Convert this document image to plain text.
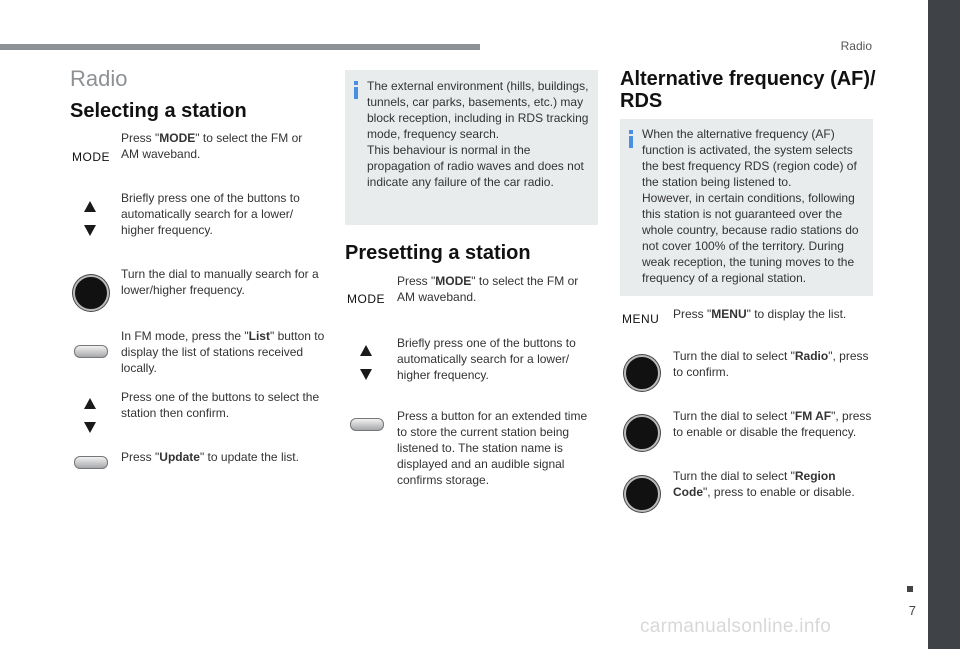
Radio
7
carmanualsonline.info
Radio
Selecting a station
MODE
Press "MODE" to select the FM or AM waveband.
Briefly press one of the buttons to automatically search for a lower/ higher frequency.
Turn the dial to manually search for a lower/higher frequency.
In FM mode, press the "List" button to display the list of stations received locally.
Press one of the buttons to select the station then confirm.
Press "Update" to update the list.
The external environment (hills, buildings, tunnels, car parks, basements, etc.) may block reception, including in RDS tracking mode, frequency search.
This behaviour is normal in the propagation of radio waves and does not indicate any failure of the car radio.
Presetting a station
MODE
Press "MODE" to select the FM or AM waveband.
Briefly press one of the buttons to automatically search for a lower/ higher frequency.
Press a button for an extended time to store the current station being listened to. The station name is displayed and an audible signal confirms storage.
Alternative frequency (AF)/
RDS
When the alternative frequency (AF) function is activated, the system selects the best frequency RDS (region code) of the station being listened to.
However, in certain conditions, following this station is not guaranteed over the whole country, because radio stations do not cover 100% of the territory. During weak reception, the tuning moves to the frequency of a regional station.
MENU Press "MENU" to display the list.
Turn the dial to select "Radio", press to confirm.
Turn the dial to select "FM AF", press to enable or disable the frequency.
Turn the dial to select "Region Code", press to enable or disable.
